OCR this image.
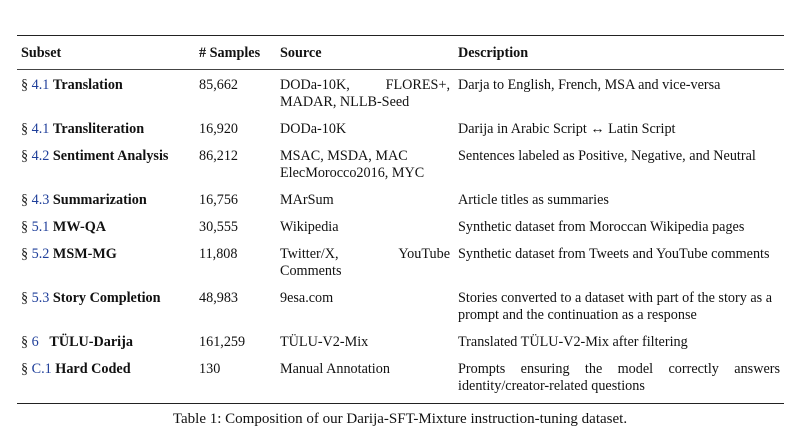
Subset	# Samples	Source	Description
§ 4.1 Translation	85,662	DODa-10K, FLORES+, MADAR, NLLB-Seed	Darja to English, French, MSA and vice-versa
§ 4.1 Transliteration	16,920	DODa-10K	Darija in Arabic Script ↔ Latin Script
§ 4.2 Sentiment Analysis	86,212	MSAC, MSDA, MAC ElecMorocco2016, MYC	Sentences labeled as Positive, Negative, and Neutral
§ 4.3 Summarization	16,756	MArSum	Article titles as summaries
§ 5.1 MW-QA	30,555	Wikipedia	Synthetic dataset from Moroccan Wikipedia pages
§ 5.2 MSM-MG	11,808	Twitter/X, YouTube Comments	Synthetic dataset from Tweets and YouTube comments
§ 5.3 Story Completion	48,983	9esa.com	Stories converted to a dataset with part of the story as a prompt and the continuation as a response
§ 6 TÜLU-Darija	161,259	TÜLU-V2-Mix	Translated TÜLU-V2-Mix after filtering
§ C.1 Hard Coded	130	Manual Annotation	Prompts ensuring the model correctly answers identity/creator-related questions
Table 1: Composition of our Darija-SFT-Mixture instruction-tuning dataset.
